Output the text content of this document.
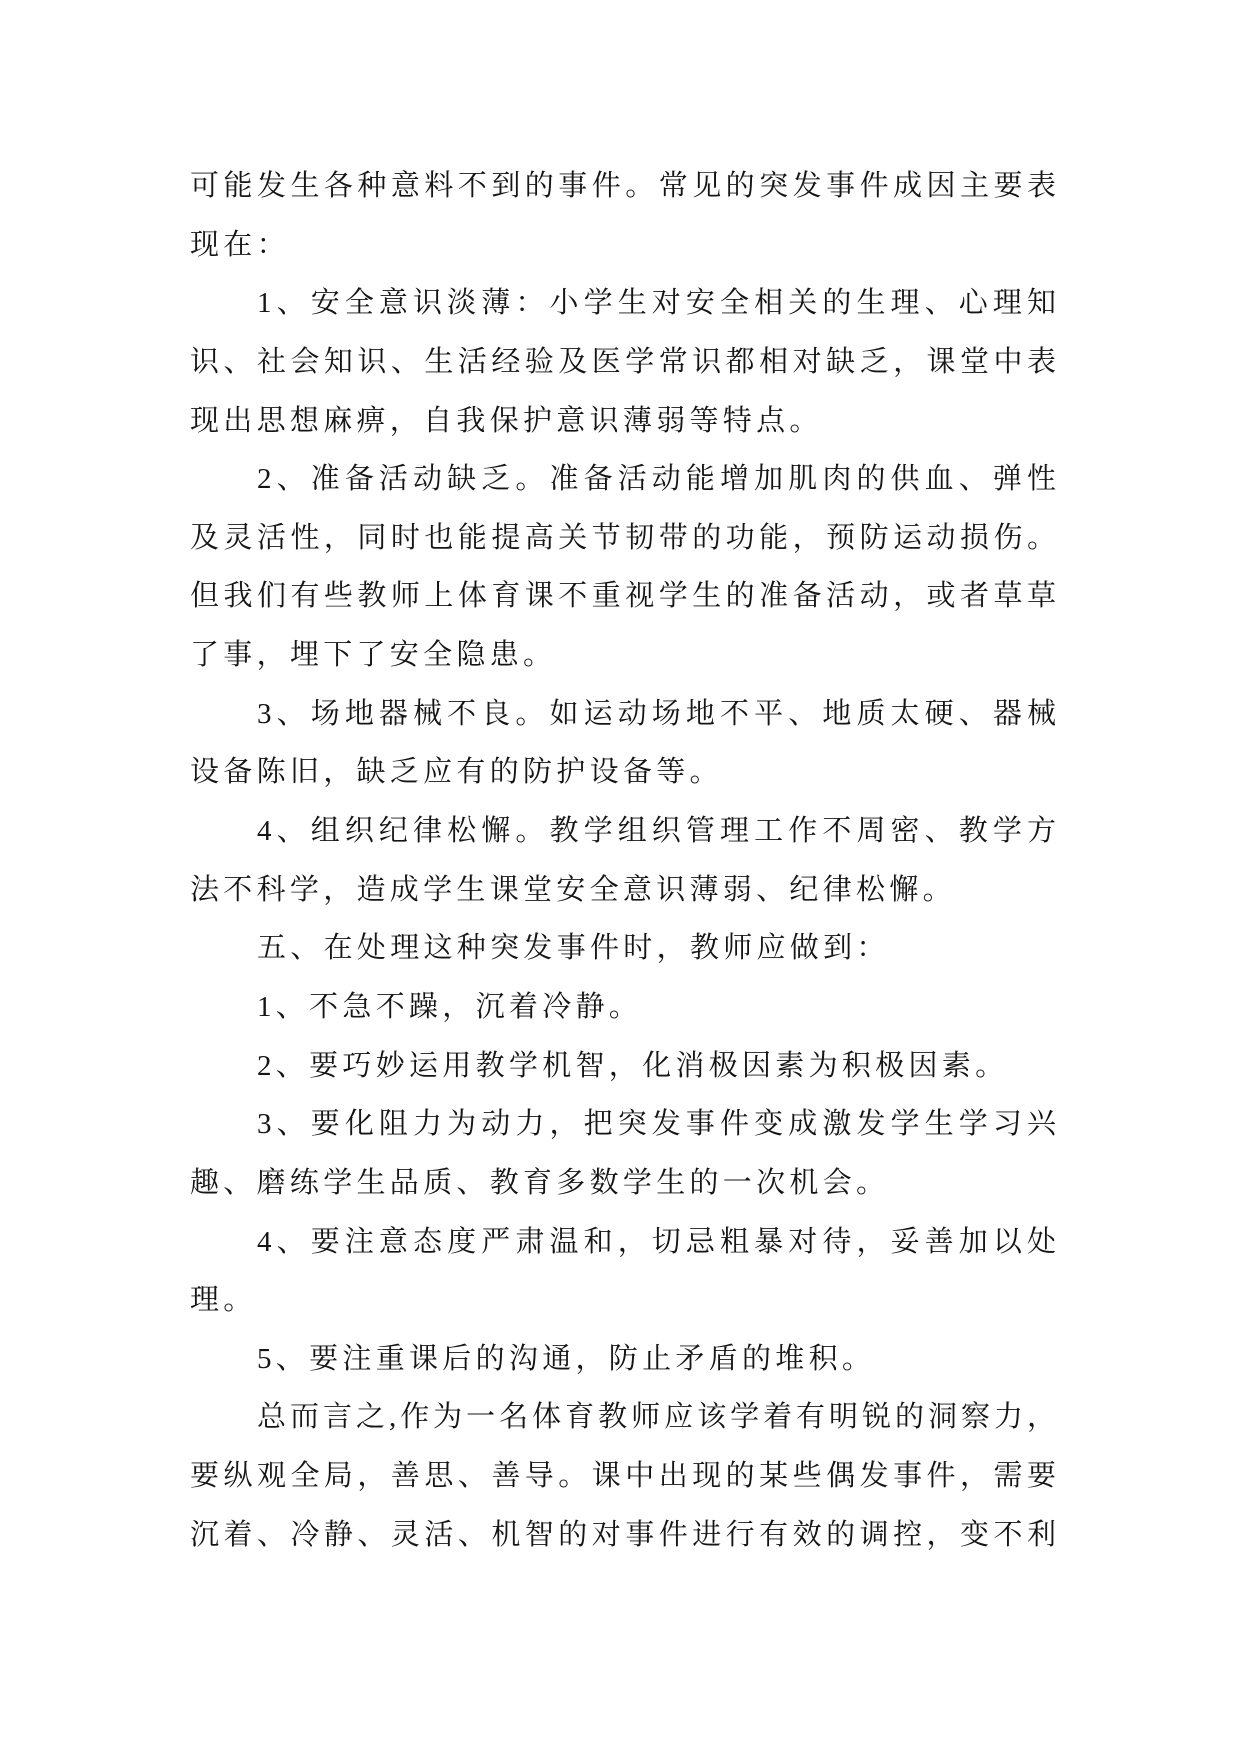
可能发生各种意料不到的事件。常见的突发事件成因主要表
现在：
1、安全意识淡薄：小学生对安全相关的生理、心理知
识、社会知识、生活经验及医学常识都相对缺乏，课堂中表
现出思想麻痹，自我保护意识薄弱等特点。
2、准备活动缺乏。准备活动能增加肌肉的供血、弹性
及灵活性，同时也能提高关节韧带的功能，预防运动损伤。
但我们有些教师上体育课不重视学生的准备活动，或者草草
了事，埋下了安全隐患。
3、场地器械不良。如运动场地不平、地质太硬、器械
设备陈旧，缺乏应有的防护设备等。
4、组织纪律松懈。教学组织管理工作不周密、教学方
法不科学，造成学生课堂安全意识薄弱、纪律松懈。
五、在处理这种突发事件时，教师应做到：
1、不急不躁，沉着冷静。
2、要巧妙运用教学机智，化消极因素为积极因素。
3、要化阻力为动力，把突发事件变成激发学生学习兴
趣、磨练学生品质、教育多数学生的一次机会。
4、要注意态度严肃温和，切忌粗暴对待，妥善加以处
理。
5、要注重课后的沟通，防止矛盾的堆积。
总而言之,作为一名体育教师应该学着有明锐的洞察力，
要纵观全局，善思、善导。课中出现的某些偶发事件，需要
沉着、冷静、灵活、机智的对事件进行有效的调控，变不利
